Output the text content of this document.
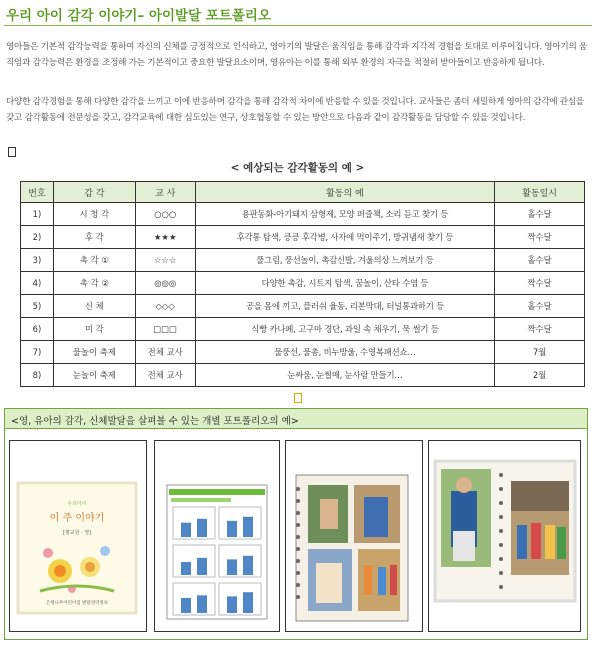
우리 아이 감각 이야기– 아이발달 포트폴리오
영아들은 기본적 감각능력을 통하여 자신의 신체를 긍정적으로 인식하고, 영아기의 발달은 움직임을 통해 감각과 지각적 경험을 토대로 이루어집니다. 영아기의 움직임과 감각능력은 환경을 조정해 가는 기본적이고 중요한 발달요소이며, 영유아는 이를 통해 외부 환경의 자극을 적절히 받아들이고 반응하게 됩니다.
다양한 감각경험을 통해 다양한 감각을 느끼고 이에 반응하며 감각을 통해 감각적 차이에 반응할 수 있을 것입니다. 교사들은 좀더 세밀하게 영아의 감각에 관심을 갖고 감각활동에 전문성을 갖고, 감각교육에 대한 심도있는 연구, 상호협동할 수 있는 방안으로 다음과 같이 감각활동을 담당할 수 있을 것입니다.
< 예상되는 감각활동의 예 >
번호	감 각	교 사	활동의 예	활동일시
1)	시 청 각	○○○	용판동화-아기돼지 삼형제, 모양 퍼즐책, 소리 듣고 찾기 등	홀수달
2)	후 각	★★★	후각통 탐색, 킁킁 후각병, 사자에 먹이주기, 방귀냄새 찾기 등	짝수달
3)	촉 각 ①	☆☆☆	풀그림, 풍선놀이, 촉감신발, 겨울의상 느껴보기 등	홀수달
4)	촉 각 ②	◎◎◎	다양한 촉감, 시트지 탐색, 꿈놀이, 산타 수염 등	짝수달
5)	신 체	◇◇◇	공을 몸에 끼고, 플러쉬 율동, 리본막대, 터널통과하기 등	홀수달
6)	미 각	□□□	식빵 카나페, 고구마 경단, 과일 속 채우기, 묵 썰기 등	짝수달
7)	물놀이 축제	전체 교사	물풍선, 물총, 비누방울, 수영복패션쇼…	7월
8)	눈놀이 축제	전체 교사	눈싸움, 눈썰매, 눈사람 만들기…	2월
<영, 유아의 감각, 신체발달을 살펴볼 수 있는 개별 포트폴리오의 예>
우리아이
이 주 이야기
[평교원 · 영]
은행나무어린이집 발달영역정보
